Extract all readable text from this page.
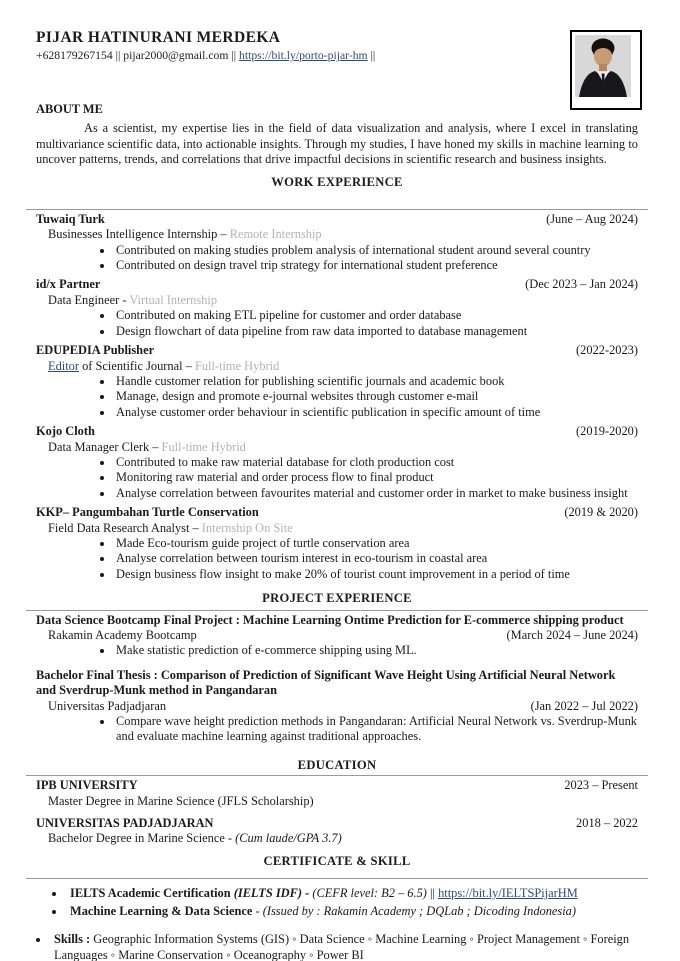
PIJAR HATINURANI MERDEKA
+628179267154 || pijar2000@gmail.com || https://bit.ly/porto-pijar-hm ||
ABOUT ME

As a scientist, my expertise lies in the field of data visualization and analysis, where I excel in translating multivariance scientific data, into actionable insights. Through my studies, I have honed my skills in machine learning to uncover patterns, trends, and correlations that drive impactful decisions in scientific research and business insights.

WORK EXPERIENCE
Tuwaiq Turk	(June – Aug 2024)
Businesses Intelligence Internship – Remote Internship
• Contributed on making studies problem analysis of international student around several country
• Contributed on design travel trip strategy for international student preference
id/x Partner	(Dec 2023 – Jan 2024)
Data Engineer - Virtual Internship
• Contributed on making ETL pipeline for customer and order database
• Design flowchart of data pipeline from raw data imported to database management
EDUPEDIA Publisher	(2022-2023)
Editor of Scientific Journal – Full-time Hybrid
• Handle customer relation for publishing scientific journals and academic book
• Manage, design and promote e-journal websites through customer e-mail
• Analyse customer order behaviour in scientific publication in specific amount of time
Kojo Cloth	(2019-2020)
Data Manager Clerk – Full-time Hybrid
• Contributed to make raw material database for cloth production cost
• Monitoring raw material and order process flow to final product
• Analyse correlation between favourites material and customer order in market to make business insight
KKP– Pangumbahan Turtle Conservation	(2019 & 2020)
Field Data Research Analyst – Internship On Site
• Made Eco-tourism guide project of turtle conservation area
• Analyse correlation between tourism interest in eco-tourism in coastal area
• Design business flow insight to make 20% of tourist count improvement in a period of time
PROJECT EXPERIENCE
Data Science Bootcamp Final Project : Machine Learning Ontime Prediction for E-commerce shipping product
Rakamin Academy Bootcamp	(March 2024 – June 2024)
• Make statistic prediction of e-commerce shipping using ML.
Bachelor Final Thesis : Comparison of Prediction of Significant Wave Height Using Artificial Neural Network and Sverdrup-Munk method in Pangandaran
Universitas Padjadjaran	(Jan 2022 – Jul 2022)
• Compare wave height prediction methods in Pangandaran: Artificial Neural Network vs. Sverdrup-Munk and evaluate machine learning against traditional approaches.
EDUCATION
IPB UNIVERSITY	2023 – Present
Master Degree in Marine Science (JFLS Scholarship)
UNIVERSITAS PADJADJARAN	2018 – 2022
Bachelor Degree in Marine Science - (Cum laude/GPA 3.7)
CERTIFICATE & SKILL
• IELTS Academic Certification (IELTS IDF) - (CEFR level: B2 – 6.5) || https://bit.ly/IELTSPijarHM
• Machine Learning & Data Science - (Issued by : Rakamin Academy ; DQLab ; Dicoding Indonesia)
• Skills : Geographic Information Systems (GIS) ◦ Data Science ◦ Machine Learning ◦ Project Management ◦ Foreign Languages ◦ Marine Conservation ◦ Oceanography ◦ Power BI
